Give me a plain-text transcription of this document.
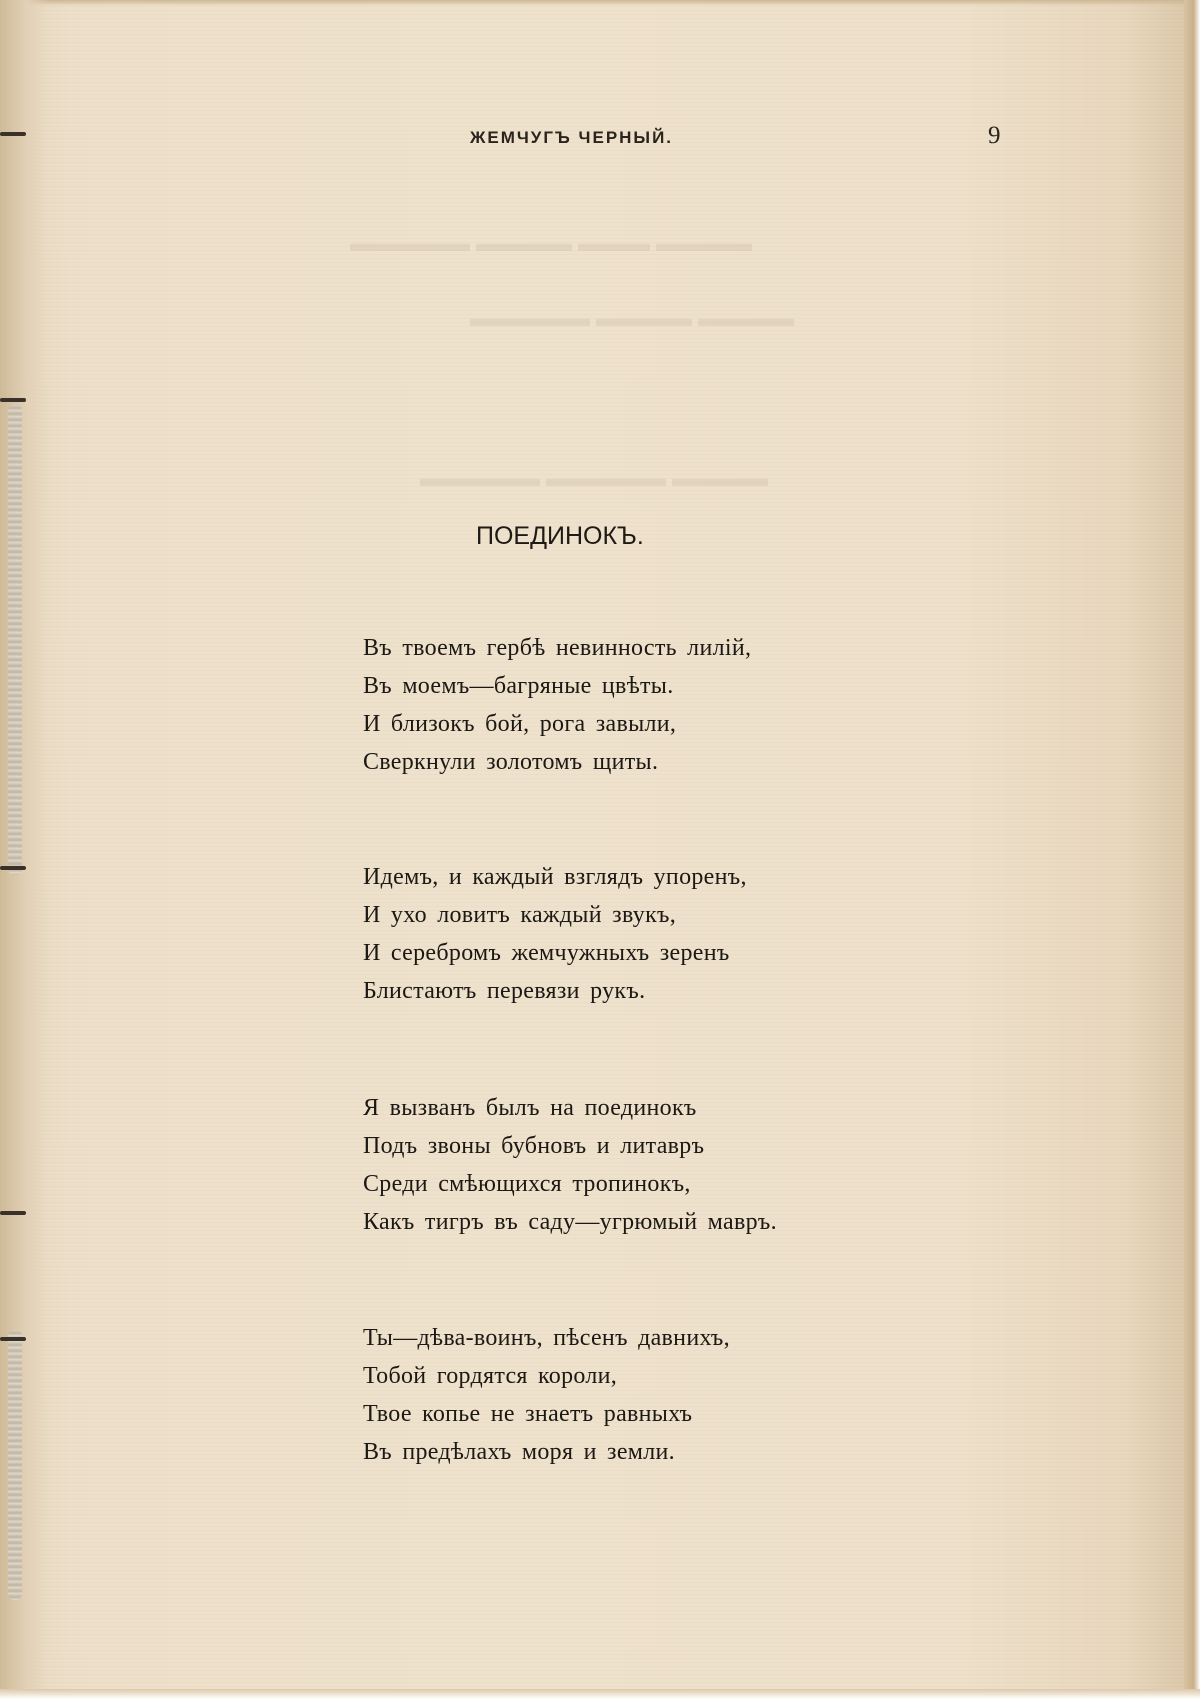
▬▬▬▬ ▬▬▬ ▬▬▬▬ ▬▬▬▬▬
▬▬▬▬ ▬▬▬▬ ▬▬▬▬▬
▬▬▬▬ ▬▬▬▬▬ ▬▬▬▬▬
ЖЕМЧУГЪ ЧЕРНЫЙ.	9
ПОЕДИНОКЪ.
Въ твоемъ гербѣ невинность лилій,
Въ моемъ—багряные цвѣты.
И близокъ бой, рога завыли,
Сверкнули золотомъ щиты.
Идемъ, и каждый взглядъ упоренъ,
И ухо ловитъ каждый звукъ,
И серебромъ жемчужныхъ зеренъ
Блистаютъ перевязи рукъ.
Я вызванъ былъ на поединокъ
Подъ звоны бубновъ и литавръ
Среди смѣющихся тропинокъ,
Какъ тигръ въ саду—угрюмый мавръ.
Ты—дѣва-воинъ, пѣсенъ давнихъ,
Тобой гордятся короли,
Твое копье не знаетъ равныхъ
Въ предѣлахъ моря и земли.
